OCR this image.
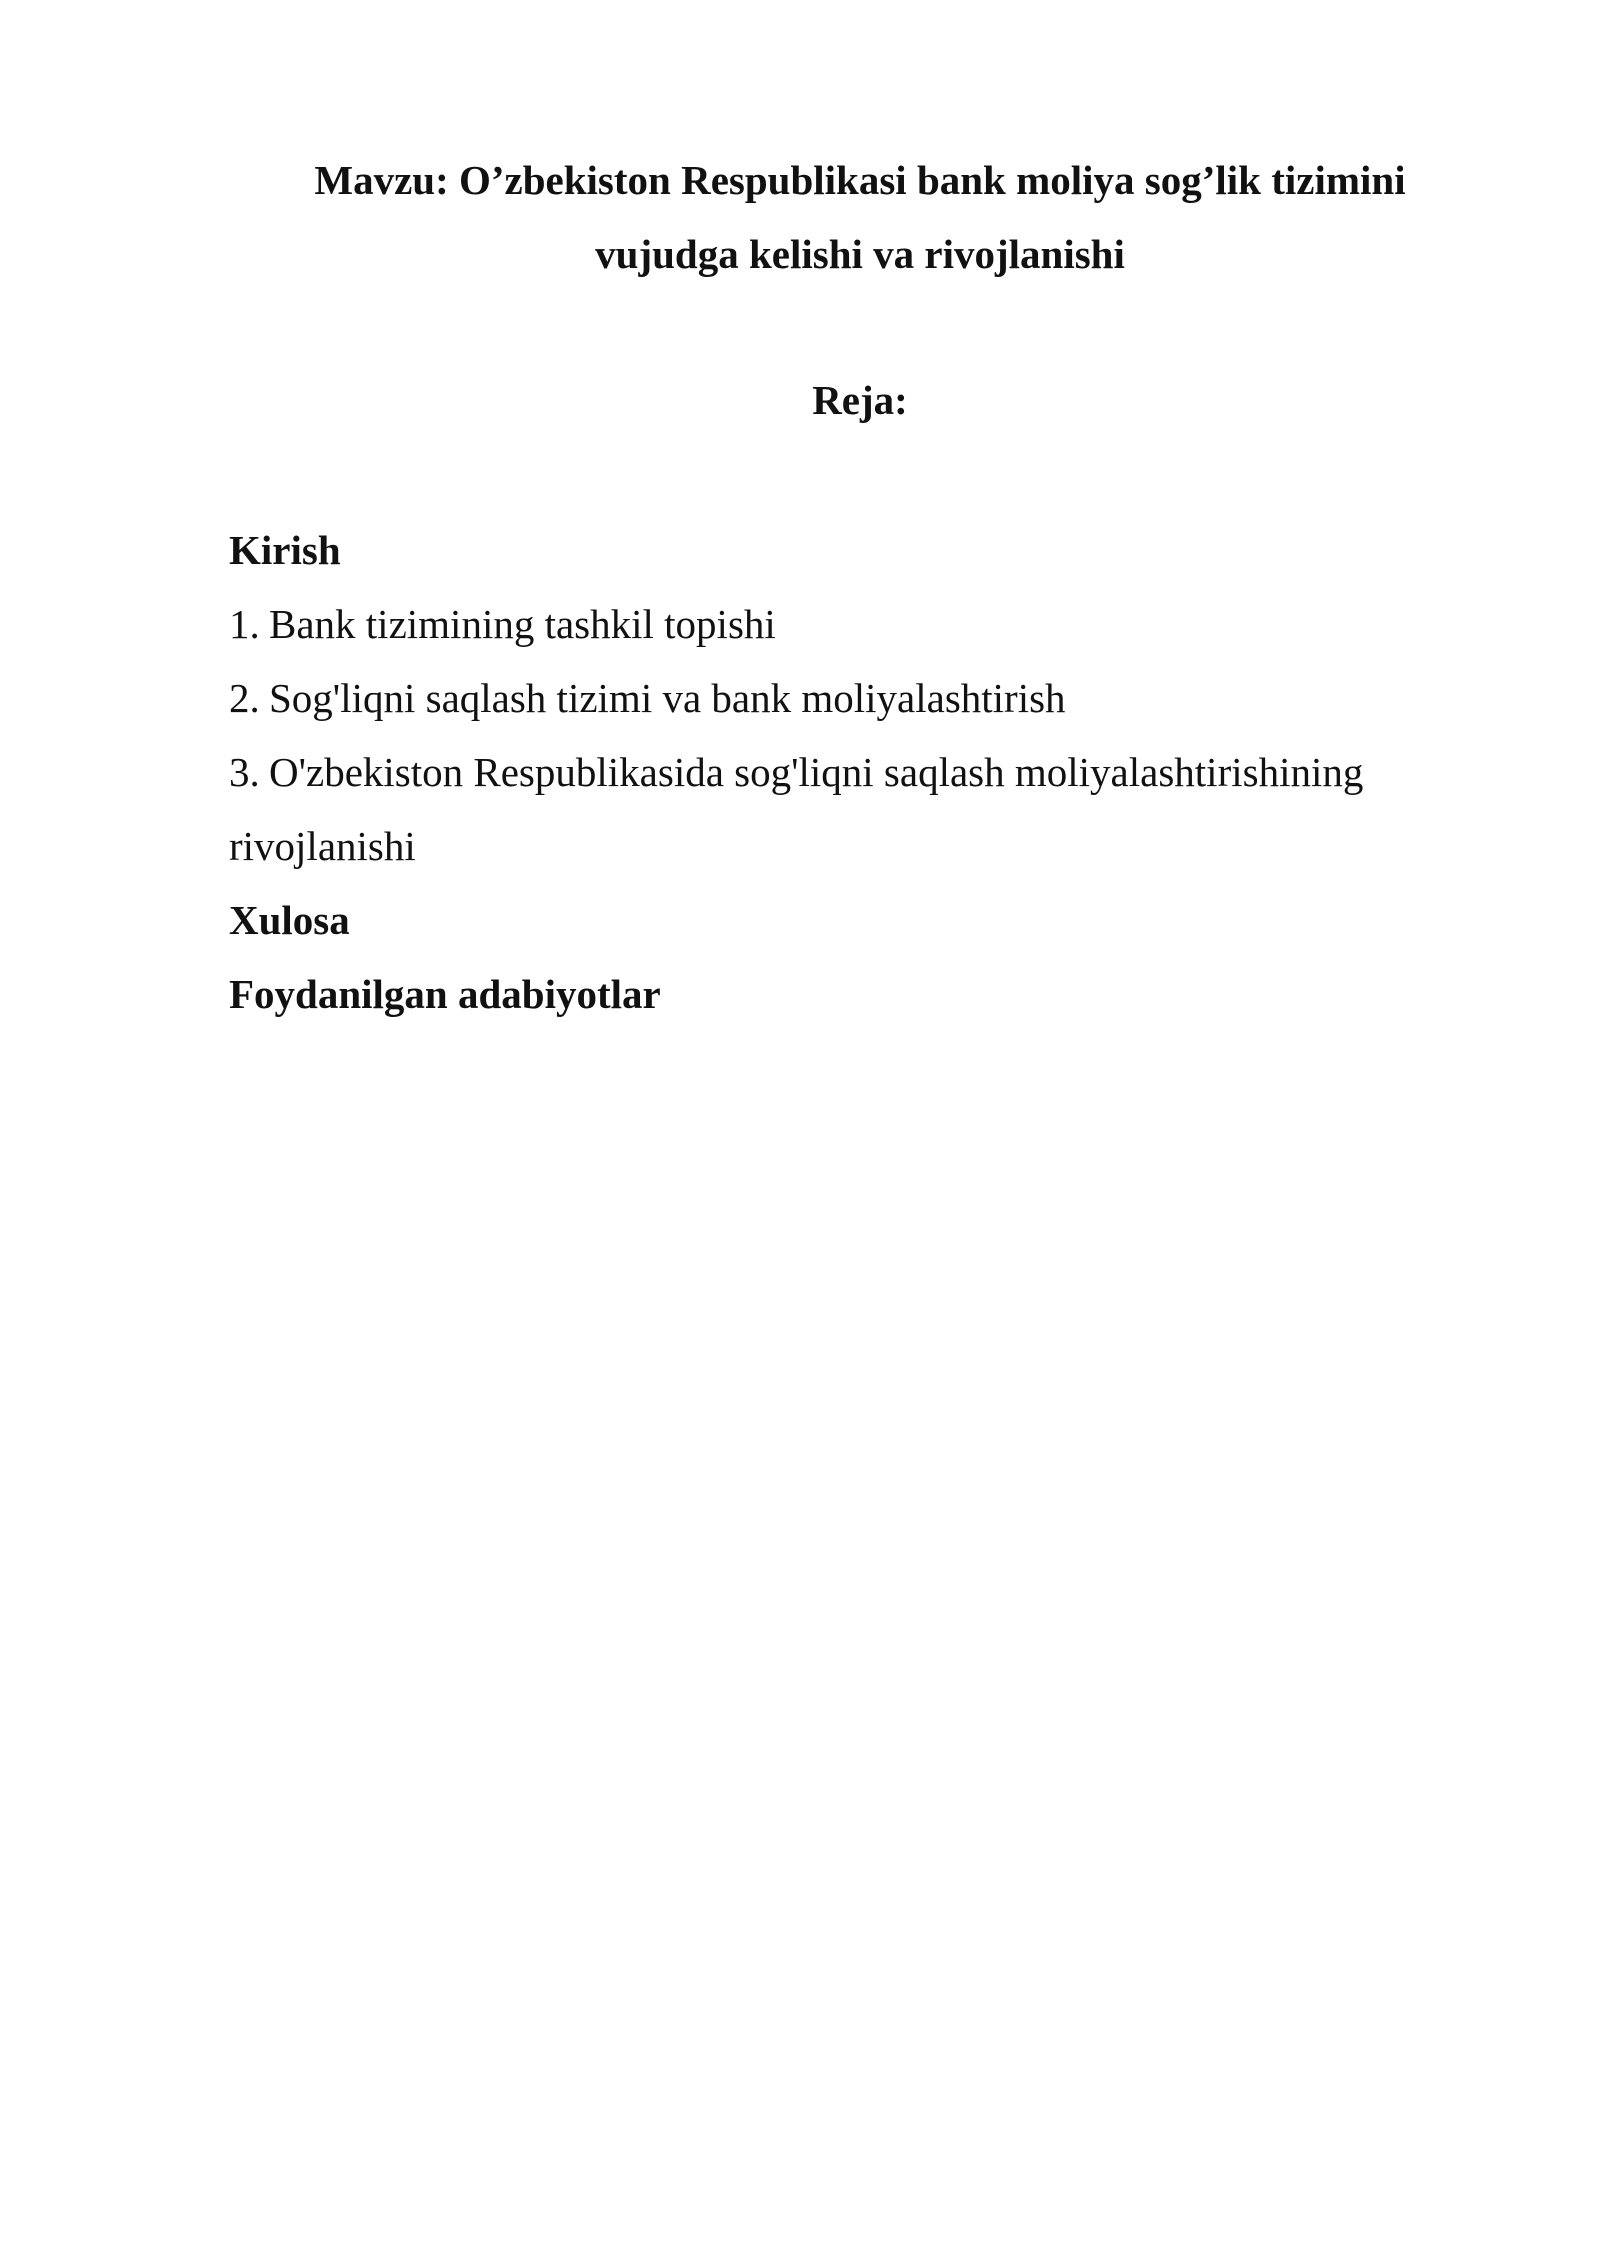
Mavzu: O’zbekiston Respublikasi bank moliya sog’lik tizimini
vujudga kelishi va rivojlanishi
Reja:
Kirish
1. Bank tizimining tashkil topishi
2. Sog'liqni saqlash tizimi va bank moliyalashtirish
3. O'zbekiston Respublikasida sog'liqni saqlash moliyalashtirishining
rivojlanishi
Xulosa
Foydanilgan adabiyotlar
